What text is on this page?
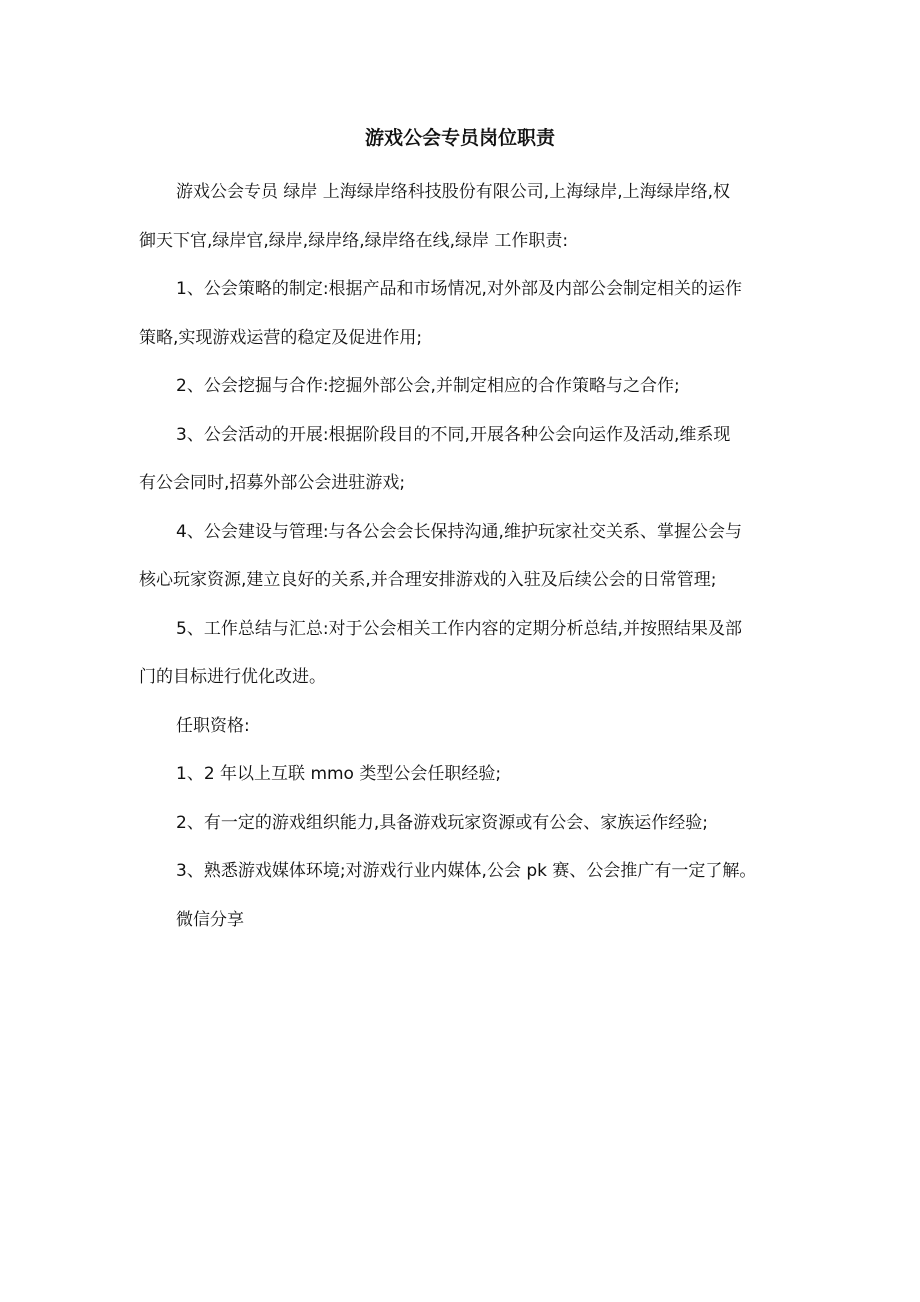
游戏公会专员岗位职责

游戏公会专员 绿岸 上海绿岸络科技股份有限公司,上海绿岸,上海绿岸络,权
御天下官,绿岸官,绿岸,绿岸络,绿岸络在线,绿岸 工作职责:

1、公会策略的制定:根据产品和市场情况,对外部及内部公会制定相关的运作
策略,实现游戏运营的稳定及促进作用;

2、公会挖掘与合作:挖掘外部公会,并制定相应的合作策略与之合作;

3、公会活动的开展:根据阶段目的不同,开展各种公会向运作及活动,维系现
有公会同时,招募外部公会进驻游戏;

4、公会建设与管理:与各公会会长保持沟通,维护玩家社交关系、掌握公会与
核心玩家资源,建立良好的关系,并合理安排游戏的入驻及后续公会的日常管理;

5、工作总结与汇总:对于公会相关工作内容的定期分析总结,并按照结果及部
门的目标进行优化改进。

任职资格:

1、2 年以上互联 mmo 类型公会任职经验;

2、有一定的游戏组织能力,具备游戏玩家资源或有公会、家族运作经验;

3、熟悉游戏媒体环境;对游戏行业内媒体,公会 pk 赛、公会推广有一定了解。

微信分享
